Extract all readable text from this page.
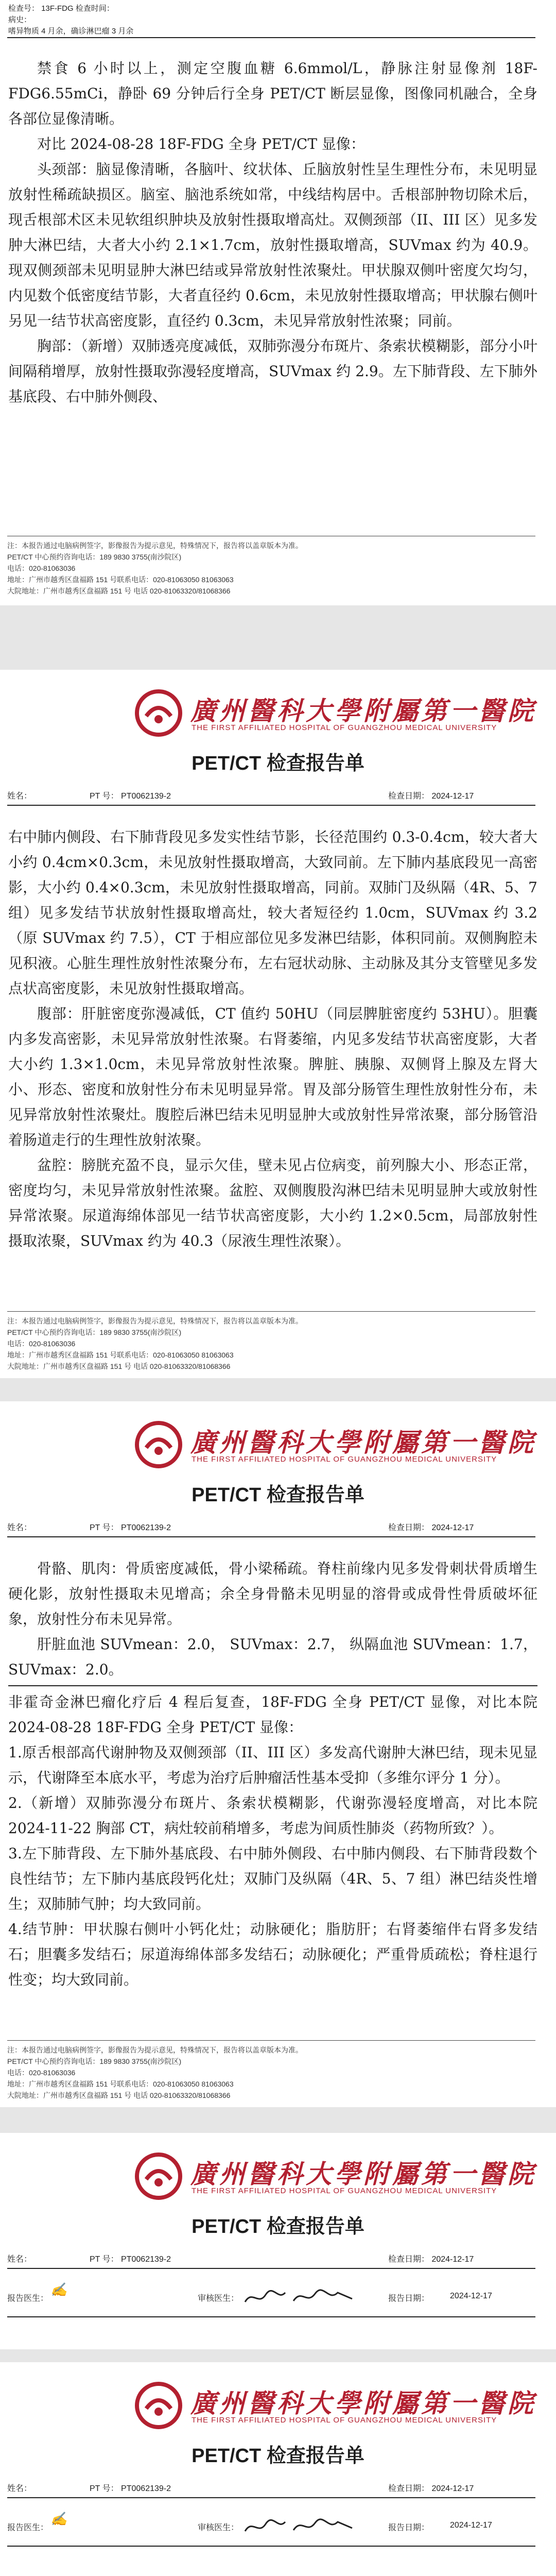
检查号： 13F-FDG 检查时间：
病史：
嗜异物质 4 月余，确诊淋巴瘤 3 月余

禁食 6 小时以上，测定空腹血糖 6.6mmol/L，静脉注射显像剂 18F-FDG6.55mCi，静卧 69 分钟后行全身 PET/CT 断层显像，图像同机融合，全身各部位显像清晰。

对比 2024-08-28 18F-FDG 全身 PET/CT 显像：

头颈部：脑显像清晰，各脑叶、纹状体、丘脑放射性呈生理性分布，未见明显放射性稀疏缺损区。脑室、脑池系统如常，中线结构居中。舌根部肿物切除术后，现舌根部术区未见软组织肿块及放射性摄取增高灶。双侧颈部（II、III 区）见多发肿大淋巴结，大者大小约 2.1×1.7cm，放射性摄取增高，SUVmax 约为 40.9。现双侧颈部未见明显肿大淋巴结或异常放射性浓聚灶。甲状腺双侧叶密度欠均匀，内见数个低密度结节影，大者直径约 0.6cm，未见放射性摄取增高；甲状腺右侧叶另见一结节状高密度影，直径约 0.3cm，未见异常放射性浓聚；同前。

胸部：（新增）双肺透亮度减低，双肺弥漫分布斑片、条索状模糊影，部分小叶间隔稍增厚，放射性摄取弥漫轻度增高，SUVmax 约 2.9。左下肺背段、左下肺外基底段、右中肺外侧段、

注：本报告通过电脑病例签字，影像报告为提示意见，特殊情况下，报告将以盖章版本为准。
PET/CT 中心预约咨询电话：189 9830 3755(南沙院区)
电话：020-81063036
地址：广州市越秀区盘福路 151 号联系电话：020-81063050 81063063
大院地址：广州市越秀区盘福路 151 号 电话 020-81063320/81068366
廣州醫科大學附屬第一醫院
THE FIRST AFFILIATED HOSPITAL OF GUANGZHOU MEDICAL UNIVERSITY
PET/CT 检查报告单
姓名：	PT 号： PT0062139-2	检查日期： 2024-12-17

右中肺内侧段、右下肺背段见多发实性结节影，长径范围约 0.3-0.4cm，较大者大小约 0.4cm×0.3cm，未见放射性摄取增高，大致同前。左下肺内基底段见一高密影，大小约 0.4×0.3cm，未见放射性摄取增高，同前。双肺门及纵隔（4R、5、7 组）见多发结节状放射性摄取增高灶，较大者短径约 1.0cm，SUVmax 约 3.2（原 SUVmax 约 7.5），CT 于相应部位见多发淋巴结影，体积同前。双侧胸腔未见积液。心脏生理性放射性浓聚分布，左右冠状动脉、主动脉及其分支管壁见多发点状高密度影，未见放射性摄取增高。

腹部：肝脏密度弥漫减低，CT 值约 50HU（同层脾脏密度约 53HU）。胆囊内多发高密影，未见异常放射性浓聚。右肾萎缩，内见多发结节状高密度影，大者大小约 1.3×1.0cm，未见异常放射性浓聚。脾脏、胰腺、双侧肾上腺及左肾大小、形态、密度和放射性分布未见明显异常。胃及部分肠管生理性放射性分布，未见异常放射性浓聚灶。腹腔后淋巴结未见明显肿大或放射性异常浓聚，部分肠管沿着肠道走行的生理性放射浓聚。

盆腔：膀胱充盈不良，显示欠佳，壁未见占位病变，前列腺大小、形态正常，密度均匀，未见异常放射性浓聚。盆腔、双侧腹股沟淋巴结未见明显肿大或放射性异常浓聚。尿道海绵体部见一结节状高密度影，大小约 1.2×0.5cm，局部放射性摄取浓聚，SUVmax 约为 40.3（尿液生理性浓聚）。

注：本报告通过电脑病例签字，影像报告为提示意见，特殊情况下，报告将以盖章版本为准。
PET/CT 中心预约咨询电话：189 9830 3755(南沙院区)
电话：020-81063036
地址：广州市越秀区盘福路 151 号联系电话：020-81063050 81063063
大院地址：广州市越秀区盘福路 151 号 电话 020-81063320/81068366
廣州醫科大學附屬第一醫院
THE FIRST AFFILIATED HOSPITAL OF GUANGZHOU MEDICAL UNIVERSITY
PET/CT 检查报告单
姓名：	PT 号： PT0062139-2	检查日期： 2024-12-17

骨骼、肌肉：骨质密度减低，骨小梁稀疏。脊柱前缘内见多发骨刺状骨质增生硬化影，放射性摄取未见增高；余全身骨骼未见明显的溶骨或成骨性骨质破坏征象，放射性分布未见异常。

肝脏血池 SUVmean：2.0， SUVmax：2.7， 纵隔血池 SUVmean：1.7， SUVmax：2.0。

非霍奇金淋巴瘤化疗后 4 程后复查，18F-FDG 全身 PET/CT 显像，对比本院 2024-08-28 18F-FDG 全身 PET/CT 显像：

1.原舌根部高代谢肿物及双侧颈部（II、III 区）多发高代谢肿大淋巴结，现未见显示，代谢降至本底水平，考虑为治疗后肿瘤活性基本受抑（多维尔评分 1 分）。

2.（新增）双肺弥漫分布斑片、条索状模糊影，代谢弥漫轻度增高，对比本院 2024-11-22 胸部 CT，病灶较前稍增多，考虑为间质性肺炎（药物所致？）。

3.左下肺背段、左下肺外基底段、右中肺外侧段、右中肺内侧段、右下肺背段数个良性结节；左下肺内基底段钙化灶；双肺门及纵隔（4R、5、7 组）淋巴结炎性增生；双肺肺气肿；均大致同前。

4.结节肿：甲状腺右侧叶小钙化灶；动脉硬化；脂肪肝；右肾萎缩伴右肾多发结石；胆囊多发结石；尿道海绵体部多发结石；动脉硬化；严重骨质疏松；脊柱退行性变；均大致同前。

注：本报告通过电脑病例签字，影像报告为提示意见，特殊情况下，报告将以盖章版本为准。
PET/CT 中心预约咨询电话：189 9830 3755(南沙院区)
电话：020-81063036
地址：广州市越秀区盘福路 151 号联系电话：020-81063050 81063063
大院地址：广州市越秀区盘福路 151 号 电话 020-81063320/81068366
廣州醫科大學附屬第一醫院
THE FIRST AFFILIATED HOSPITAL OF GUANGZHOU MEDICAL UNIVERSITY
PET/CT 检查报告单
姓名：	PT 号： PT0062139-2	检查日期： 2024-12-17
报告医生：
✍
审核医生：	报告日期： 2024-12-17
廣州醫科大學附屬第一醫院
THE FIRST AFFILIATED HOSPITAL OF GUANGZHOU MEDICAL UNIVERSITY
PET/CT 检查报告单
姓名：	PT 号： PT0062139-2	检查日期： 2024-12-17
报告医生：
✍
审核医生：	报告日期： 2024-12-17
